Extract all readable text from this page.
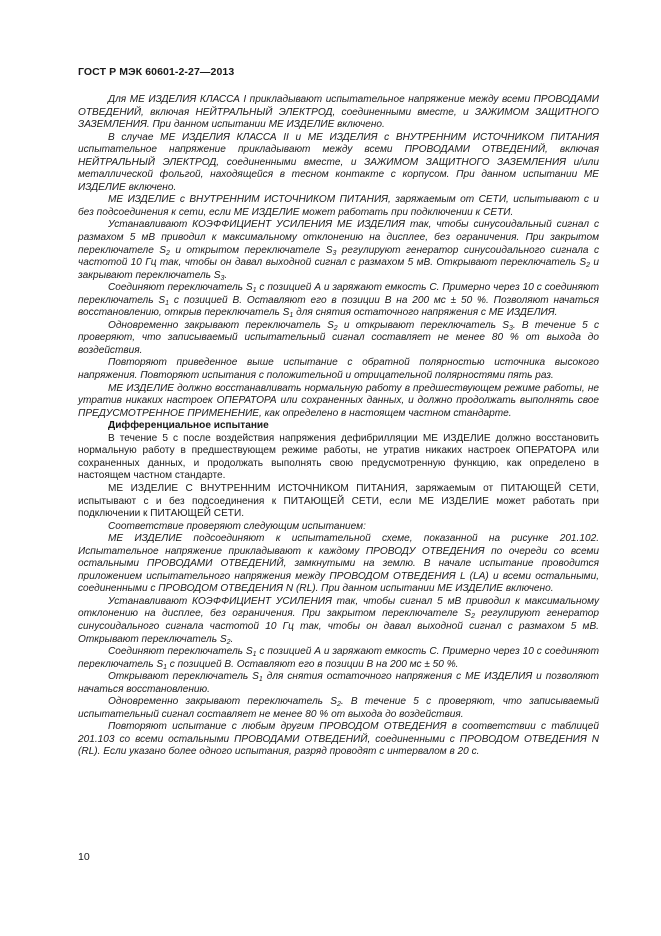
ГОСТ Р МЭК 60601-2-27—2013

Для МЕ ИЗДЕЛИЯ КЛАССА I прикладывают испытательное напряжение между всеми ПРОВОДАМИ ОТВЕДЕНИЙ, включая НЕЙТРАЛЬНЫЙ ЭЛЕКТРОД, соединенными вместе, и ЗАЖИМОМ ЗАЩИТНОГО ЗАЗЕМЛЕНИЯ. При данном испытании МЕ ИЗДЕЛИЕ включено.

В случае МЕ ИЗДЕЛИЯ КЛАССА II и МЕ ИЗДЕЛИЯ с ВНУТРЕННИМ ИСТОЧНИКОМ ПИТАНИЯ испытательное напряжение прикладывают между всеми ПРОВОДАМИ ОТВЕДЕНИЙ, включая НЕЙТРАЛЬНЫЙ ЭЛЕКТРОД, соединенными вместе, и ЗАЖИМОМ ЗАЩИТНОГО ЗАЗЕМЛЕНИЯ и/или металлической фольгой, находящейся в тесном контакте с корпусом. При данном испытании МЕ ИЗДЕЛИЕ включено.

МЕ ИЗДЕЛИЕ с ВНУТРЕННИМ ИСТОЧНИКОМ ПИТАНИЯ, заряжаемым от СЕТИ, испытывают с и без подсоединения к сети, если МЕ ИЗДЕЛИЕ может работать при подключении к СЕТИ.

Устанавливают КОЭФФИЦИЕНТ УСИЛЕНИЯ МЕ ИЗДЕЛИЯ так, чтобы синусоидальный сигнал с размахом 5 мВ приводил к максимальному отклонению на дисплее, без ограничения. При закрытом переключателе $S_2$ и открытом переключателе $S_3$ регулируют генератор синусоидального сигнала с частотой 10 Гц так, чтобы он давал выходной сигнал с размахом 5 мВ. Открывают переключатель $S_2$ и закрывают переключатель $S_3$.

Соединяют переключатель $S_1$ с позицией А и заряжают емкость С. Примерно через 10 с соединяют переключатель $S_1$ с позицией В. Оставляют его в позиции В на 200 мс ± 50 %. Позволяют начаться восстановлению, открыв переключатель $S_1$ для снятия остаточного напряжения с МЕ ИЗДЕЛИЯ.

Одновременно закрывают переключатель $S_2$ и открывают переключатель $S_3$. В течение 5 с проверяют, что записываемый испытательный сигнал составляет не менее 80 % от выхода до воздействия.

Повторяют приведенное выше испытание с обратной полярностью источника высокого напряжения. Повторяют испытания с положительной и отрицательной полярностями пять раз.

МЕ ИЗДЕЛИЕ должно восстанавливать нормальную работу в предшествующем режиме работы, не утратив никаких настроек ОПЕРАТОРА или сохраненных данных, и должно продолжать выполнять свое ПРЕДУСМОТРЕННОЕ ПРИМЕНЕНИЕ, как определено в настоящем частном стандарте.

Дифференциальное испытание

В течение 5 с после воздействия напряжения дефибрилляции МЕ ИЗДЕЛИЕ должно восстановить нормальную работу в предшествующем режиме работы, не утратив никаких настроек ОПЕРАТОРА или сохраненных данных, и продолжать выполнять свою предусмотренную функцию, как определено в настоящем частном стандарте.

МЕ ИЗДЕЛИЕ С ВНУТРЕННИМ ИСТОЧНИКОМ ПИТАНИЯ, заряжаемым от ПИТАЮЩЕЙ СЕТИ, испытывают с и без подсоединения к ПИТАЮЩЕЙ СЕТИ, если МЕ ИЗДЕЛИЕ может работать при подключении к ПИТАЮЩЕЙ СЕТИ.

Соответствие проверяют следующим испытанием:

МЕ ИЗДЕЛИЕ подсоединяют к испытательной схеме, показанной на рисунке 201.102. Испытательное напряжение прикладывают к каждому ПРОВОДУ ОТВЕДЕНИЯ по очереди со всеми остальными ПРОВОДАМИ ОТВЕДЕНИЙ, замкнутыми на землю. В начале испытание проводится приложением испытательного напряжения между ПРОВОДОМ ОТВЕДЕНИЯ L (LA) и всеми остальными, соединенными с ПРОВОДОМ ОТВЕДЕНИЯ N (RL). При данном испытании МЕ ИЗДЕЛИЕ включено.

Устанавливают КОЭФФИЦИЕНТ УСИЛЕНИЯ так, чтобы сигнал 5 мВ приводил к максимальному отклонению на дисплее, без ограничения. При закрытом переключателе $S_2$ регулируют генератор синусоидального сигнала частотой 10 Гц так, чтобы он давал выходной сигнал с размахом 5 мВ. Открывают переключатель $S_2$.

Соединяют переключатель $S_1$ с позицией А и заряжают емкость С. Примерно через 10 с соединяют переключатель $S_1$ с позицией В. Оставляют его в позиции В на 200 мс ± 50 %.

Открывают переключатель $S_1$ для снятия остаточного напряжения с МЕ ИЗДЕЛИЯ и позволяют начаться восстановлению.

Одновременно закрывают переключатель $S_2$. В течение 5 с проверяют, что записываемый испытательный сигнал составляет не менее 80 % от выхода до воздействия.

Повторяют испытание с любым другим ПРОВОДОМ ОТВЕДЕНИЯ в соответствии с таблицей 201.103 со всеми остальными ПРОВОДАМИ ОТВЕДЕНИЙ, соединенными с ПРОВОДОМ ОТВЕДЕНИЯ N (RL). Если указано более одного испытания, разряд проводят с интервалом в 20 с.

10
